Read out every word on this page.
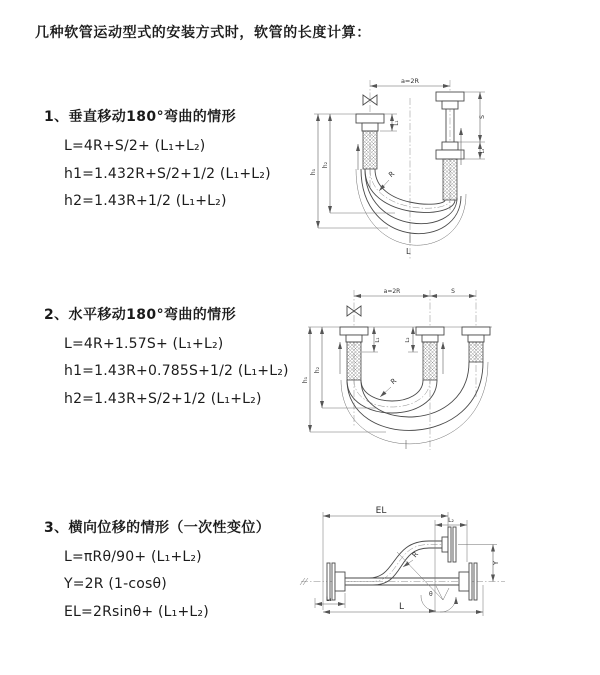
几种软管运动型式的安装方式时，软管的长度计算：
1、垂直移动180°弯曲的情形
L=4R+S/2+ (L₁+L₂)
h1=1.432R+S/2+1/2 (L₁+L₂)
h2=1.43R+1/2 (L₁+L₂)
2、水平移动180°弯曲的情形
L=4R+1.57S+ (L₁+L₂)
h1=1.43R+0.785S+1/2 (L₁+L₂)
h2=1.43R+S/2+1/2 (L₁+L₂)
3、横向位移的情形（一次性变位）
L=πRθ/90+ (L₁+L₂)
Y=2R (1-cosθ)
EL=2Rsinθ+ (L₁+L₂)
a=2R
L₁
h₂
h₁
S
L₂
R
L
a=2R	S
L₁	L₂
h₂
h₁	R
EL
L₂
Y
L
L₁
R
θ
